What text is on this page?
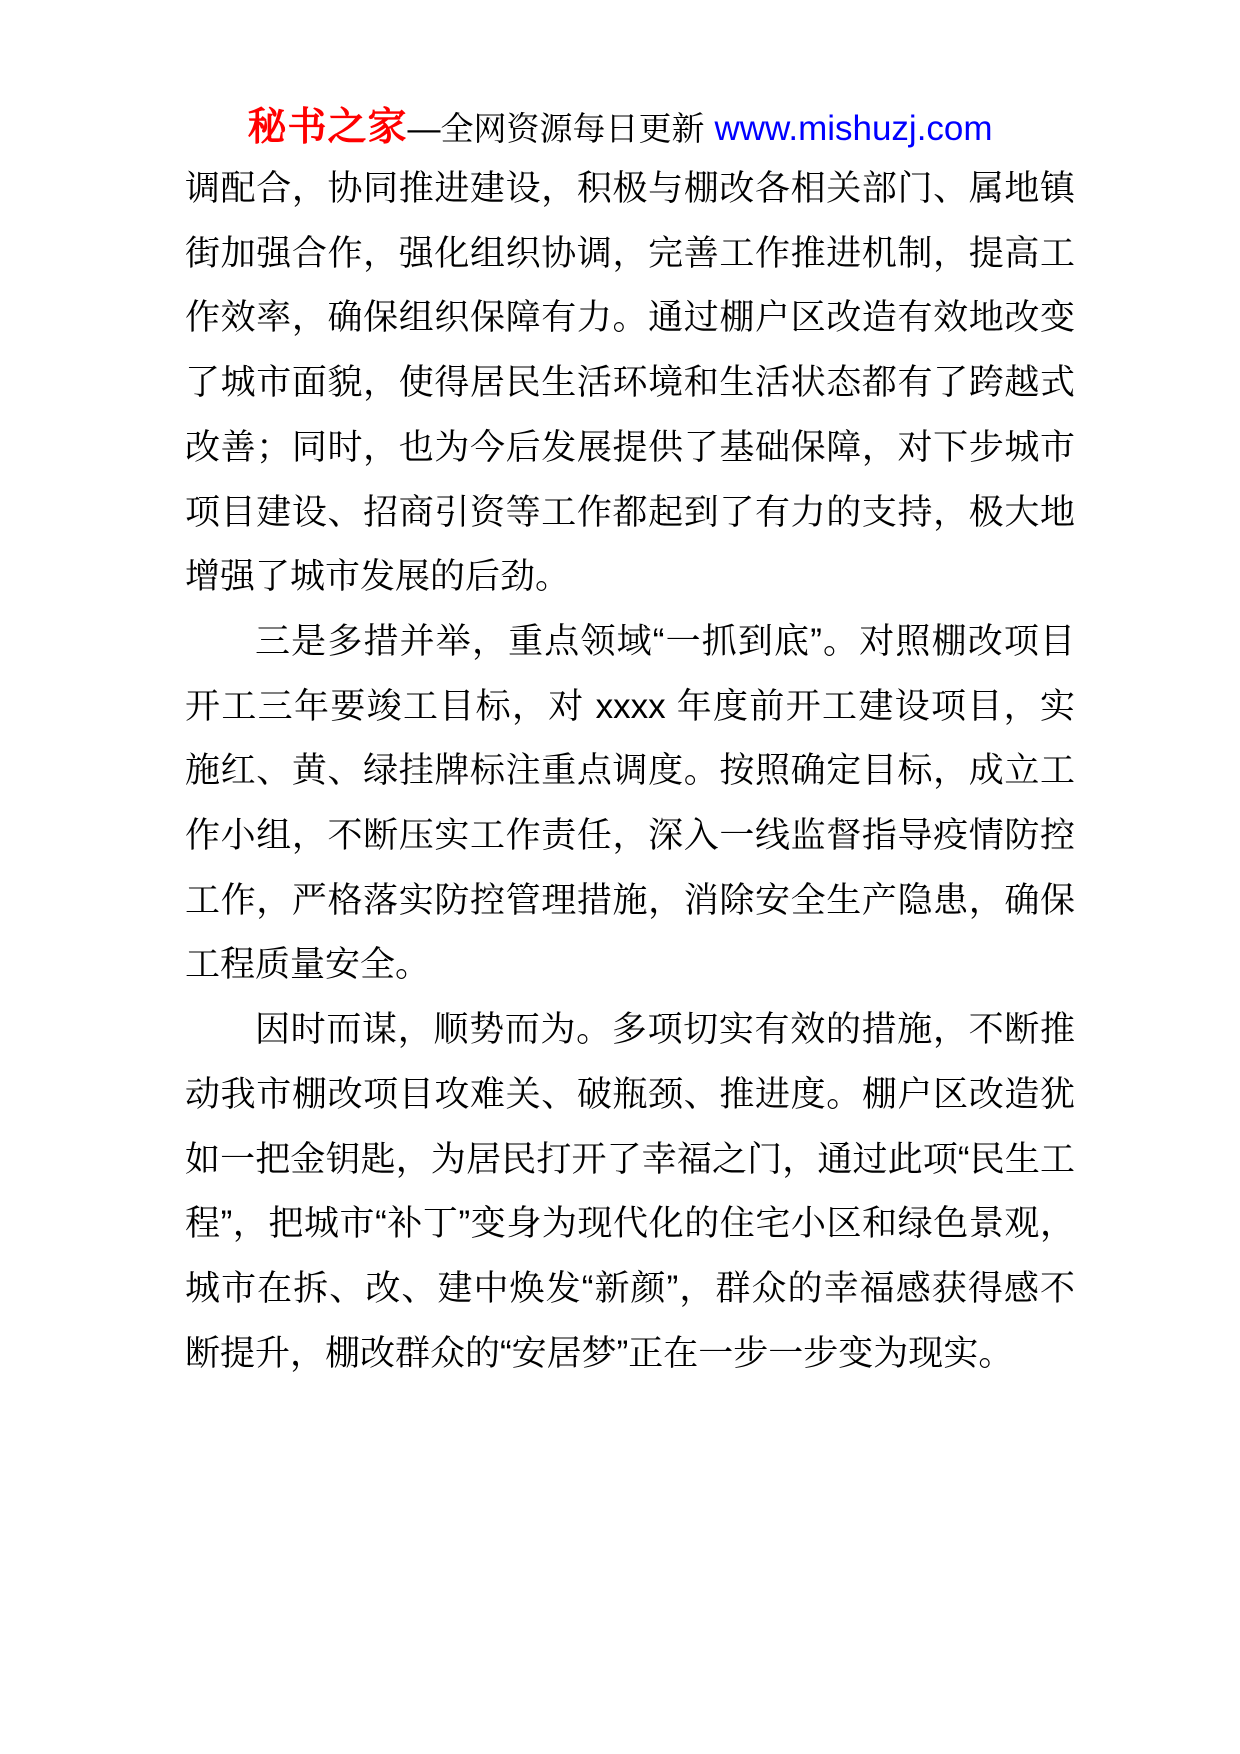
秘书之家—全网资源每日更新 www.mishuzj.com

调配合，协同推进建设，积极与棚改各相关部门、属地镇街加强合作，强化组织协调，完善工作推进机制，提高工作效率，确保组织保障有力。通过棚户区改造有效地改变了城市面貌，使得居民生活环境和生活状态都有了跨越式改善；同时，也为今后发展提供了基础保障，对下步城市项目建设、招商引资等工作都起到了有力的支持，极大地增强了城市发展的后劲。

三是多措并举，重点领域“一抓到底”。对照棚改项目开工三年要竣工目标，对 xxxx 年度前开工建设项目，实施红、黄、绿挂牌标注重点调度。按照确定目标，成立工作小组，不断压实工作责任，深入一线监督指导疫情防控工作，严格落实防控管理措施，消除安全生产隐患，确保工程质量安全。

因时而谋，顺势而为。多项切实有效的措施，不断推动我市棚改项目攻难关、破瓶颈、推进度。棚户区改造犹如一把金钥匙，为居民打开了幸福之门，通过此项“民生工程”，把城市“补丁”变身为现代化的住宅小区和绿色景观，城市在拆、改、建中焕发“新颜”，群众的幸福感获得感不断提升，棚改群众的“安居梦”正在一步一步变为现实。
